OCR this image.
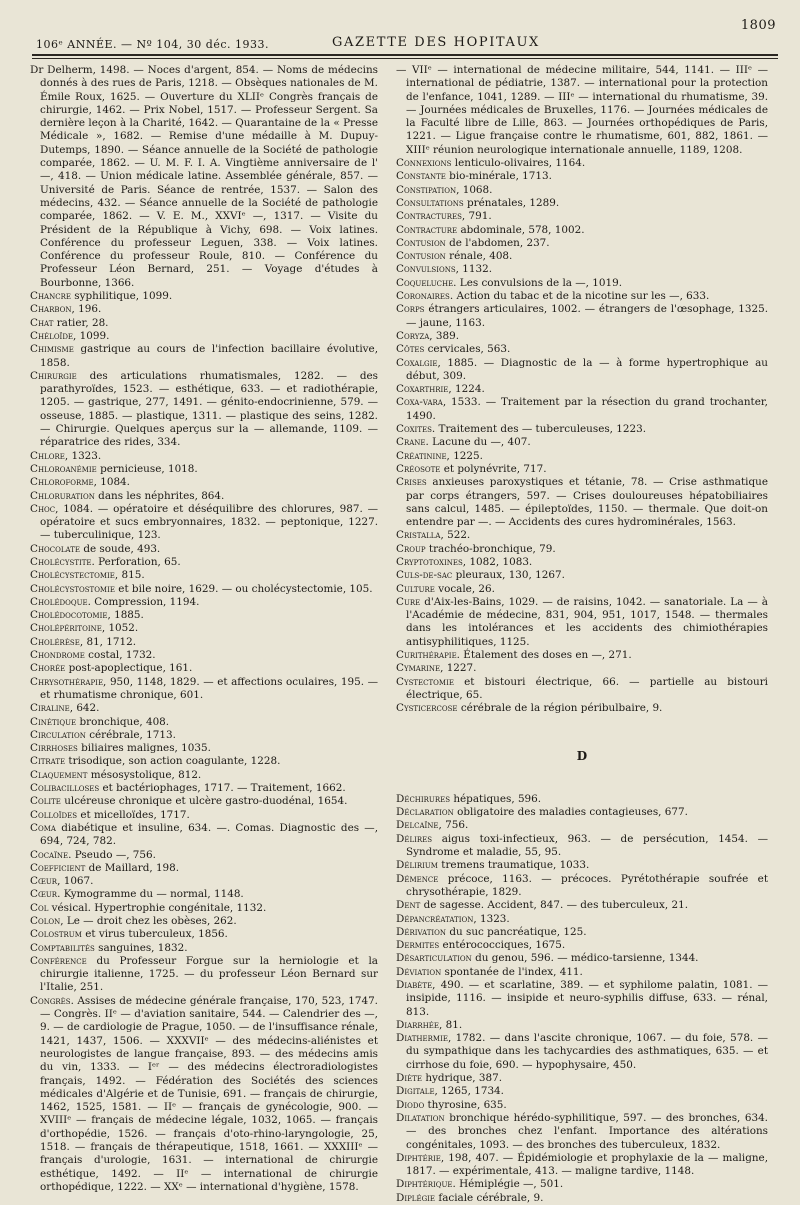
106ᵉ ANNÉE. — Nº 104, 30 déc. 1933.	GAZETTE DES HOPITAUX
1809

Dr Delherm, 1498. — Noces d'argent, 854. — Noms de médecins donnés à des rues de Paris, 1218. — Obsèques nationales de M. Émile Roux, 1625. — Ouverture du XLIIᵉ Congrès français de chirurgie, 1462. — Prix Nobel, 1517. — Professeur Sergent. Sa dernière leçon à la Charité, 1642. — Quarantaine de la « Presse Médicale », 1682. — Remise d'une médaille à M. Dupuy-Dutemps, 1890. — Séance annuelle de la Société de pathologie comparée, 1862. — U. M. F. I. A. Vingtième anniversaire de l' —, 418. — Union médicale latine. Assemblée générale, 857. — Université de Paris. Séance de rentrée, 1537. — Salon des médecins, 432. — Séance annuelle de la Société de pathologie comparée, 1862. — V. E. M., XXVIᵉ —, 1317. — Visite du Président de la République à Vichy, 698. — Voix latines. Conférence du professeur Leguen, 338. — Voix latines. Conférence du professeur Roule, 810. — Conférence du Professeur Léon Bernard, 251. — Voyage d'études à Bourbonne, 1366.

Chancre syphilitique, 1099.

Charbon, 196.

Chat ratier, 28.

Chéloïde, 1099.

Chimisme gastrique au cours de l'infection bacillaire évolutive, 1858.

Chirurgie des articulations rhumatismales, 1282. — des parathyroïdes, 1523. — esthétique, 633. — et radiothérapie, 1205. — gastrique, 277, 1491. — génito-endocrinienne, 579. — osseuse, 1885. — plastique, 1311. — plastique des seins, 1282. — Chirurgie. Quelques aperçus sur la — allemande, 1109. — réparatrice des rides, 334.

Chlore, 1323.

Chloroanémie pernicieuse, 1018.

Chloroforme, 1084.

Chloruration dans les néphrites, 864.

Choc, 1084. — opératoire et déséquilibre des chlorures, 987. — opératoire et sucs embryonnaires, 1832. — peptonique, 1227. — tuberculinique, 123.

Chocolate de soude, 493.

Cholécystite. Perforation, 65.

Cholécystectomie, 815.

Cholécystostomie et bile noire, 1629. — ou cholécystectomie, 105.

Cholédoque. Compression, 1194.

Cholédocotomie, 1885.

Cholépéritoine, 1052.

Cholérèse, 81, 1712.

Chondrome costal, 1732.

Chorée post-apoplectique, 161.

Chrysothérapie, 950, 1148, 1829. — et affections oculaires, 195. — et rhumatisme chronique, 601.

Ciraline, 642.

Cinétique bronchique, 408.

Circulation cérébrale, 1713.

Cirrhoses biliaires malignes, 1035.

Citrate trisodique, son action coagulante, 1228.

Claquement mésosystolique, 812.

Colibacilloses et bactériophages, 1717. — Traitement, 1662.

Colite ulcéreuse chronique et ulcère gastro-duodénal, 1654.

Colloïdes et micelloïdes, 1717.

Coma diabétique et insuline, 634. —. Comas. Diagnostic des —, 694, 724, 782.

Cocaïne. Pseudo —, 756.

Coefficient de Maillard, 198.

Cœur, 1067.

Cœur. Kymogramme du — normal, 1148.

Col vésical. Hypertrophie congénitale, 1132.

Colon, Le — droit chez les obèses, 262.

Colostrum et virus tuberculeux, 1856.

Comptabilités sanguines, 1832.

Conférence du Professeur Forgue sur la herniologie et la chirurgie italienne, 1725. — du professeur Léon Bernard sur l'Italie, 251.

Congrès. Assises de médecine générale française, 170, 523, 1747. — Congrès. IIᵉ — d'aviation sanitaire, 544. — Calendrier des —, 9. — de cardiologie de Prague, 1050. — de l'insuffisance rénale, 1421, 1437, 1506. — XXXVIIᵉ — des médecins-aliénistes et neurologistes de langue française, 893. — des médecins amis du vin, 1333. — Iᵉʳ — des médecins électroradiologistes français, 1492. — Fédération des Sociétés des sciences médicales d'Algérie et de Tunisie, 691. — français de chirurgie, 1462, 1525, 1581. — IIᵉ — français de gynécologie, 900. — XVIIIᵉ — français de médecine légale, 1032, 1065. — français d'orthopédie, 1526. — français d'oto-rhino-laryngologie, 25, 1518. — français de thérapeutique, 1518, 1661. — XXXIIIᵉ — français d'urologie, 1631. — international de chirurgie esthétique, 1492. — IIᵉ — international de chirurgie orthopédique, 1222. — XXᵉ — international d'hygiène, 1578.

— VIIᵉ — international de médecine militaire, 544, 1141. — IIIᵉ — international de pédiatrie, 1387. — international pour la protection de l'enfance, 1041, 1289. — IIIᵉ — international du rhumatisme, 39. — Journées médicales de Bruxelles, 1176. — Journées médicales de la Faculté libre de Lille, 863. — Journées orthopédiques de Paris, 1221. — Ligue française contre le rhumatisme, 601, 882, 1861. — XIIIᵉ réunion neurologique internationale annuelle, 1189, 1208.

Connexions lenticulo-olivaires, 1164.

Constante bio-minérale, 1713.

Constipation, 1068.

Consultations prénatales, 1289.

Contractures, 791.

Contracture abdominale, 578, 1002.

Contusion de l'abdomen, 237.

Contusion rénale, 408.

Convulsions, 1132.

Coqueluche. Les convulsions de la —, 1019.

Coronaires. Action du tabac et de la nicotine sur les —, 633.

Corps étrangers articulaires, 1002. — étrangers de l'œsophage, 1325. — jaune, 1163.

Coryza, 389.

Côtes cervicales, 563.

Coxalgie, 1885. — Diagnostic de la — à forme hypertrophique au début, 309.

Coxarthrie, 1224.

Coxa-vara, 1533. — Traitement par la résection du grand trochanter, 1490.

Coxites. Traitement des — tuberculeuses, 1223.

Crane. Lacune du —, 407.

Créatinine, 1225.

Créosote et polynévrite, 717.

Crises anxieuses paroxystiques et tétanie, 78. — Crise asthmatique par corps étrangers, 597. — Crises douloureuses hépatobiliaires sans calcul, 1485. — épileptoïdes, 1150. — thermale. Que doit-on entendre par —. — Accidents des cures hydrominérales, 1563.

Cristalla, 522.

Croup trachéo-bronchique, 79.

Cryptotoxines, 1082, 1083.

Culs-de-sac pleuraux, 130, 1267.

Culture vocale, 26.

Cure d'Aix-les-Bains, 1029. — de raisins, 1042. — sanatoriale. La — à l'Académie de médecine, 831, 904, 951, 1017, 1548. — thermales dans les intolérances et les accidents des chimiothérapies antisyphilitiques, 1125.

Curithérapie. Étalement des doses en —, 271.

Cymarine, 1227.

Cystectomie et bistouri électrique, 66. — partielle au bistouri électrique, 65.

Cysticercose cérébrale de la région péribulbaire, 9.

D

Déchirures hépatiques, 596.

Déclaration obligatoire des maladies contagieuses, 677.

Delcaïne, 756.

Délires aigus toxi-infectieux, 963. — de persécution, 1454. — Syndrome et maladie, 55, 95.

Délirium tremens traumatique, 1033.

Démence précoce, 1163. — précoces. Pyrétothérapie soufrée et chrysothérapie, 1829.

Dent de sagesse. Accident, 847. — des tuberculeux, 21.

Dépancréatation, 1323.

Dérivation du suc pancréatique, 125.

Dermites entérococciques, 1675.

Désarticulation du genou, 596. — médico-tarsienne, 1344.

Déviation spontanée de l'index, 411.

Diabète, 490. — et scarlatine, 389. — et syphilome palatin, 1081. — insipide, 1116. — insipide et neuro-syphilis diffuse, 633. — rénal, 813.

Diarrhée, 81.

Diathermie, 1782. — dans l'ascite chronique, 1067. — du foie, 578. — du sympathique dans les tachycardies des asthmatiques, 635. — et cirrhose du foie, 690. — hypophysaire, 450.

Diète hydrique, 387.

Digitale, 1265, 1734.

Diodo thyrosine, 635.

Dilatation bronchique hérédo-syphilitique, 597. — des bronches, 634. — des bronches chez l'enfant. Importance des altérations congénitales, 1093. — des bronches des tuberculeux, 1832.

Diphtérie, 198, 407. — Épidémiologie et prophylaxie de la — maligne, 1817. — expérimentale, 413. — maligne tardive, 1148.

Diphtérique. Hémiplégie —, 501.

Diplégie faciale cérébrale, 9.
